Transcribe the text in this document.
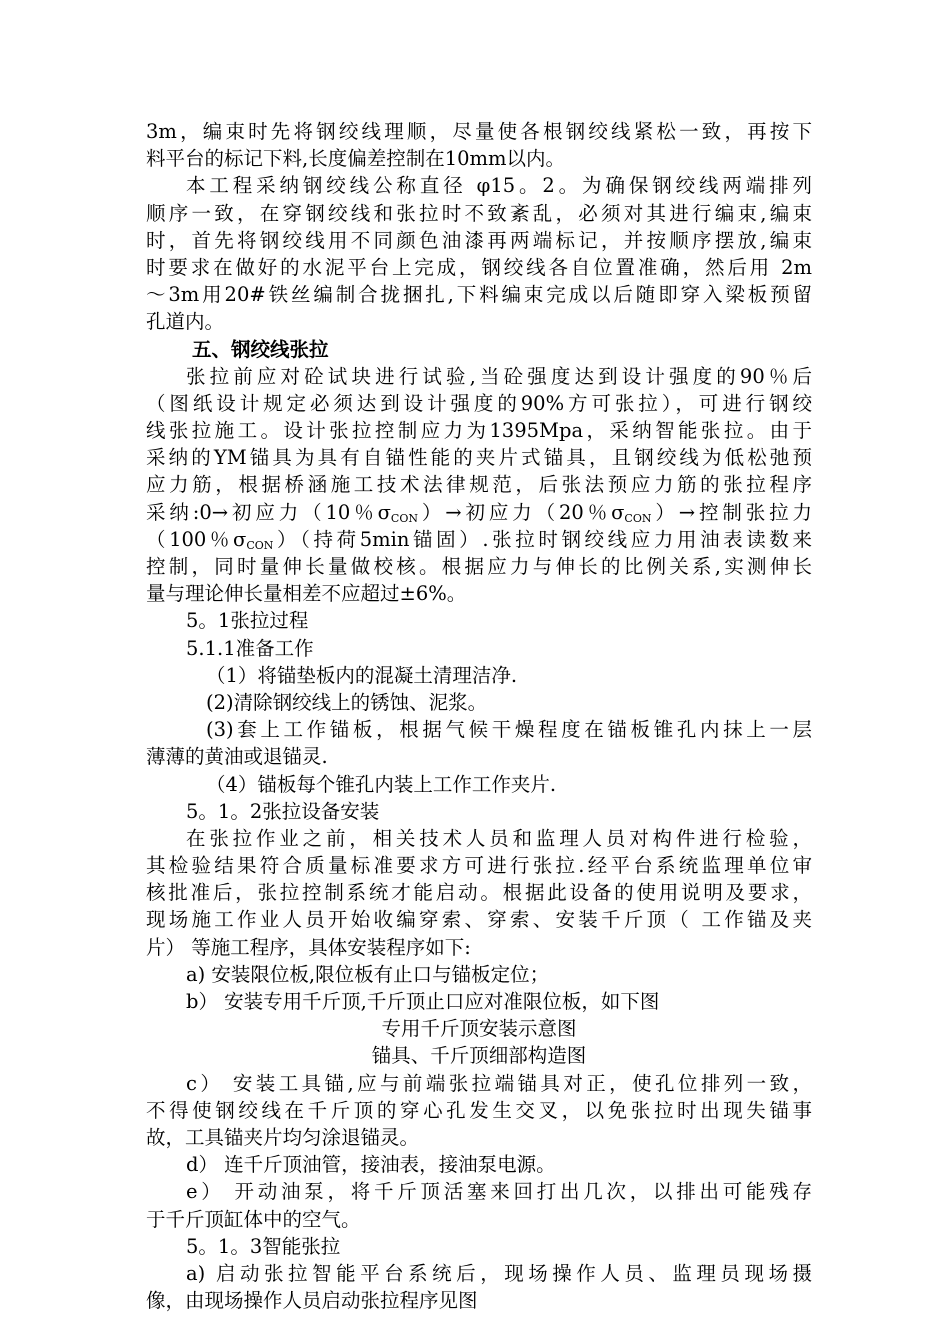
3m，编束时先将钢绞线理顺，尽量使各根钢绞线紧松一致，再按下
料平台的标记下料,长度偏差控制在10mm以内。
本工程采纳钢绞线公称直径 φ15。2。为确保钢绞线两端排列
顺序一致，在穿钢绞线和张拉时不致紊乱，必须对其进行编束,编束
时，首先将钢绞线用不同颜色油漆再两端标记，并按顺序摆放,编束
时要求在做好的水泥平台上完成，钢绞线各自位置准确，然后用 2m
～3m用20#铁丝编制合拢捆扎,下料编束完成以后随即穿入梁板预留
孔道内。
五、钢绞线张拉
张拉前应对砼试块进行试验,当砼强度达到设计强度的90％后
（图纸设计规定必须达到设计强度的90%方可张拉），可进行钢绞
线张拉施工。设计张拉控制应力为1395Mpa，采纳智能张拉。由于
采纳的YM锚具为具有自锚性能的夹片式锚具，且钢绞线为低松弛预
应力筋，根据桥涵施工技术法律规范，后张法预应力筋的张拉程序
采纳:0→初应力（10％$\sigma_{CON})\to$初应力（20％$\sigma_{CON})\to$控制张拉力
（100％$\sigma_{CON}$）（持荷5min锚固）.张拉时钢绞线应力用油表读数来
控制，同时量伸长量做校核。根据应力与伸长的比例关系,实测伸长
量与理论伸长量相差不应超过±6%。
5。1张拉过程
5.1.1准备工作
（1）将锚垫板内的混凝土清理洁净.
(2)清除钢绞线上的锈蚀、泥浆。
(3)套上工作锚板，根据气候干燥程度在锚板锥孔内抹上一层
薄薄的黄油或退锚灵.
（4）锚板每个锥孔内装上工作工作夹片.
5。1。2张拉设备安装
在张拉作业之前，相关技术人员和监理人员对构件进行检验，
其检验结果符合质量标准要求方可进行张拉.经平台系统监理单位审
核批准后，张拉控制系统才能启动。根据此设备的使用说明及要求，
现场施工作业人员开始收编穿索、穿索、安装千斤顶（ 工作锚及夹
片） 等施工程序，具体安装程序如下:
a) 安装限位板,限位板有止口与锚板定位；
b） 安装专用千斤顶,千斤顶止口应对准限位板，如下图
专用千斤顶安装示意图
锚具、千斤顶细部构造图
c） 安装工具锚,应与前端张拉端锚具对正，使孔位排列一致，
不得使钢绞线在千斤顶的穿心孔发生交叉，以免张拉时出现失锚事
故，工具锚夹片均匀涂退锚灵。
d） 连千斤顶油管，接油表，接油泵电源。
e） 开动油泵，将千斤顶活塞来回打出几次，以排出可能残存
于千斤顶缸体中的空气。
5。1。3智能张拉
a) 启动张拉智能平台系统后，现场操作人员、监理员现场摄
像，由现场操作人员启动张拉程序见图
